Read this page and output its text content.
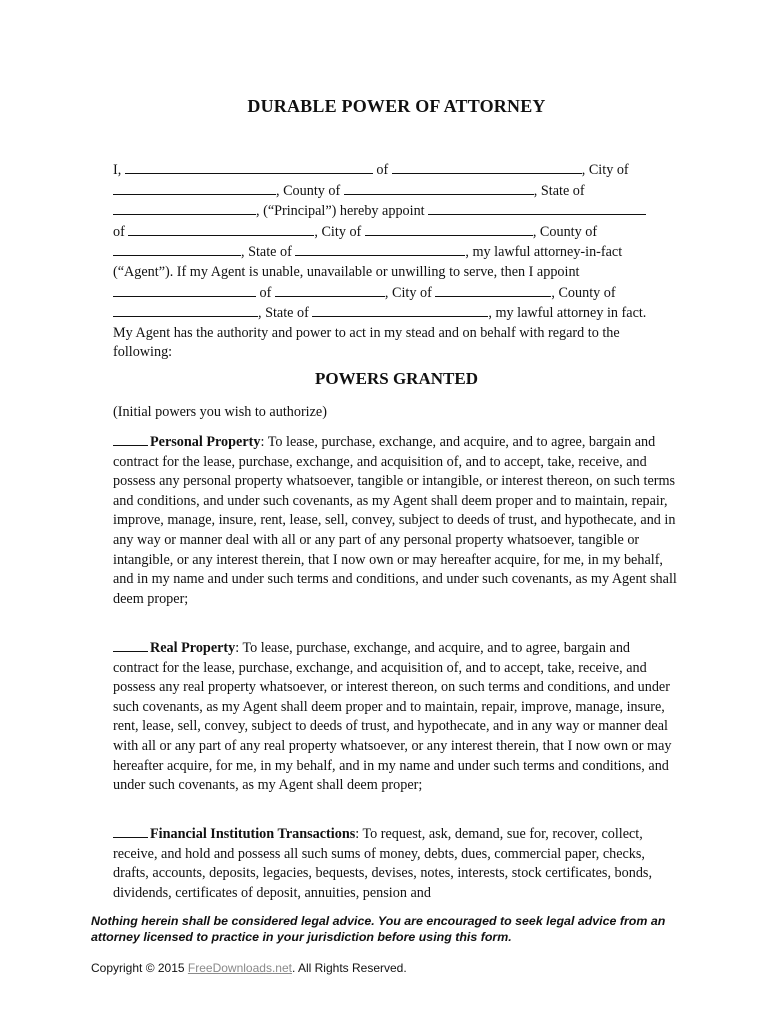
DURABLE POWER OF ATTORNEY
I,	of	, City of
, County of	, State of
, (“Principal”) hereby appoint
of	, City of	, County of
, State of	, my lawful attorney-in-fact
(“Agent”). If my Agent is unable, unavailable or unwilling to serve, then I appoint
of	, City of	, County of
, State of	, my lawful attorney in fact.
My Agent has the authority and power to act in my stead and on behalf with regard to the following:
POWERS GRANTED
(Initial powers you wish to authorize)
Personal Property: To lease, purchase, exchange, and acquire, and to agree, bargain and contract for the lease, purchase, exchange, and acquisition of, and to accept, take, receive, and possess any personal property whatsoever, tangible or intangible, or interest thereon, on such terms and conditions, and under such covenants, as my Agent shall deem proper and to maintain, repair, improve, manage, insure, rent, lease, sell, convey, subject to deeds of trust, and hypothecate, and in any way or manner deal with all or any part of any personal property whatsoever, tangible or intangible, or any interest therein, that I now own or may hereafter acquire, for me, in my behalf, and in my name and under such terms and conditions, and under such covenants, as my Agent shall deem proper;
Real Property: To lease, purchase, exchange, and acquire, and to agree, bargain and contract for the lease, purchase, exchange, and acquisition of, and to accept, take, receive, and possess any real property whatsoever, or interest thereon, on such terms and conditions, and under such covenants, as my Agent shall deem proper and to maintain, repair, improve, manage, insure, rent, lease, sell, convey, subject to deeds of trust, and hypothecate, and in any way or manner deal with all or any part of any real property whatsoever, or any interest therein, that I now own or may hereafter acquire, for me, in my behalf, and in my name and under such terms and conditions, and under such covenants, as my Agent shall deem proper;
Financial Institution Transactions: To request, ask, demand, sue for, recover, collect, receive, and hold and possess all such sums of money, debts, dues, commercial paper, checks, drafts, accounts, deposits, legacies, bequests, devises, notes, interests, stock certificates, bonds, dividends, certificates of deposit, annuities, pension and
Nothing herein shall be considered legal advice. You are encouraged to seek legal advice from an attorney licensed to practice in your jurisdiction before using this form.
Copyright © 2015 FreeDownloads.net. All Rights Reserved.
